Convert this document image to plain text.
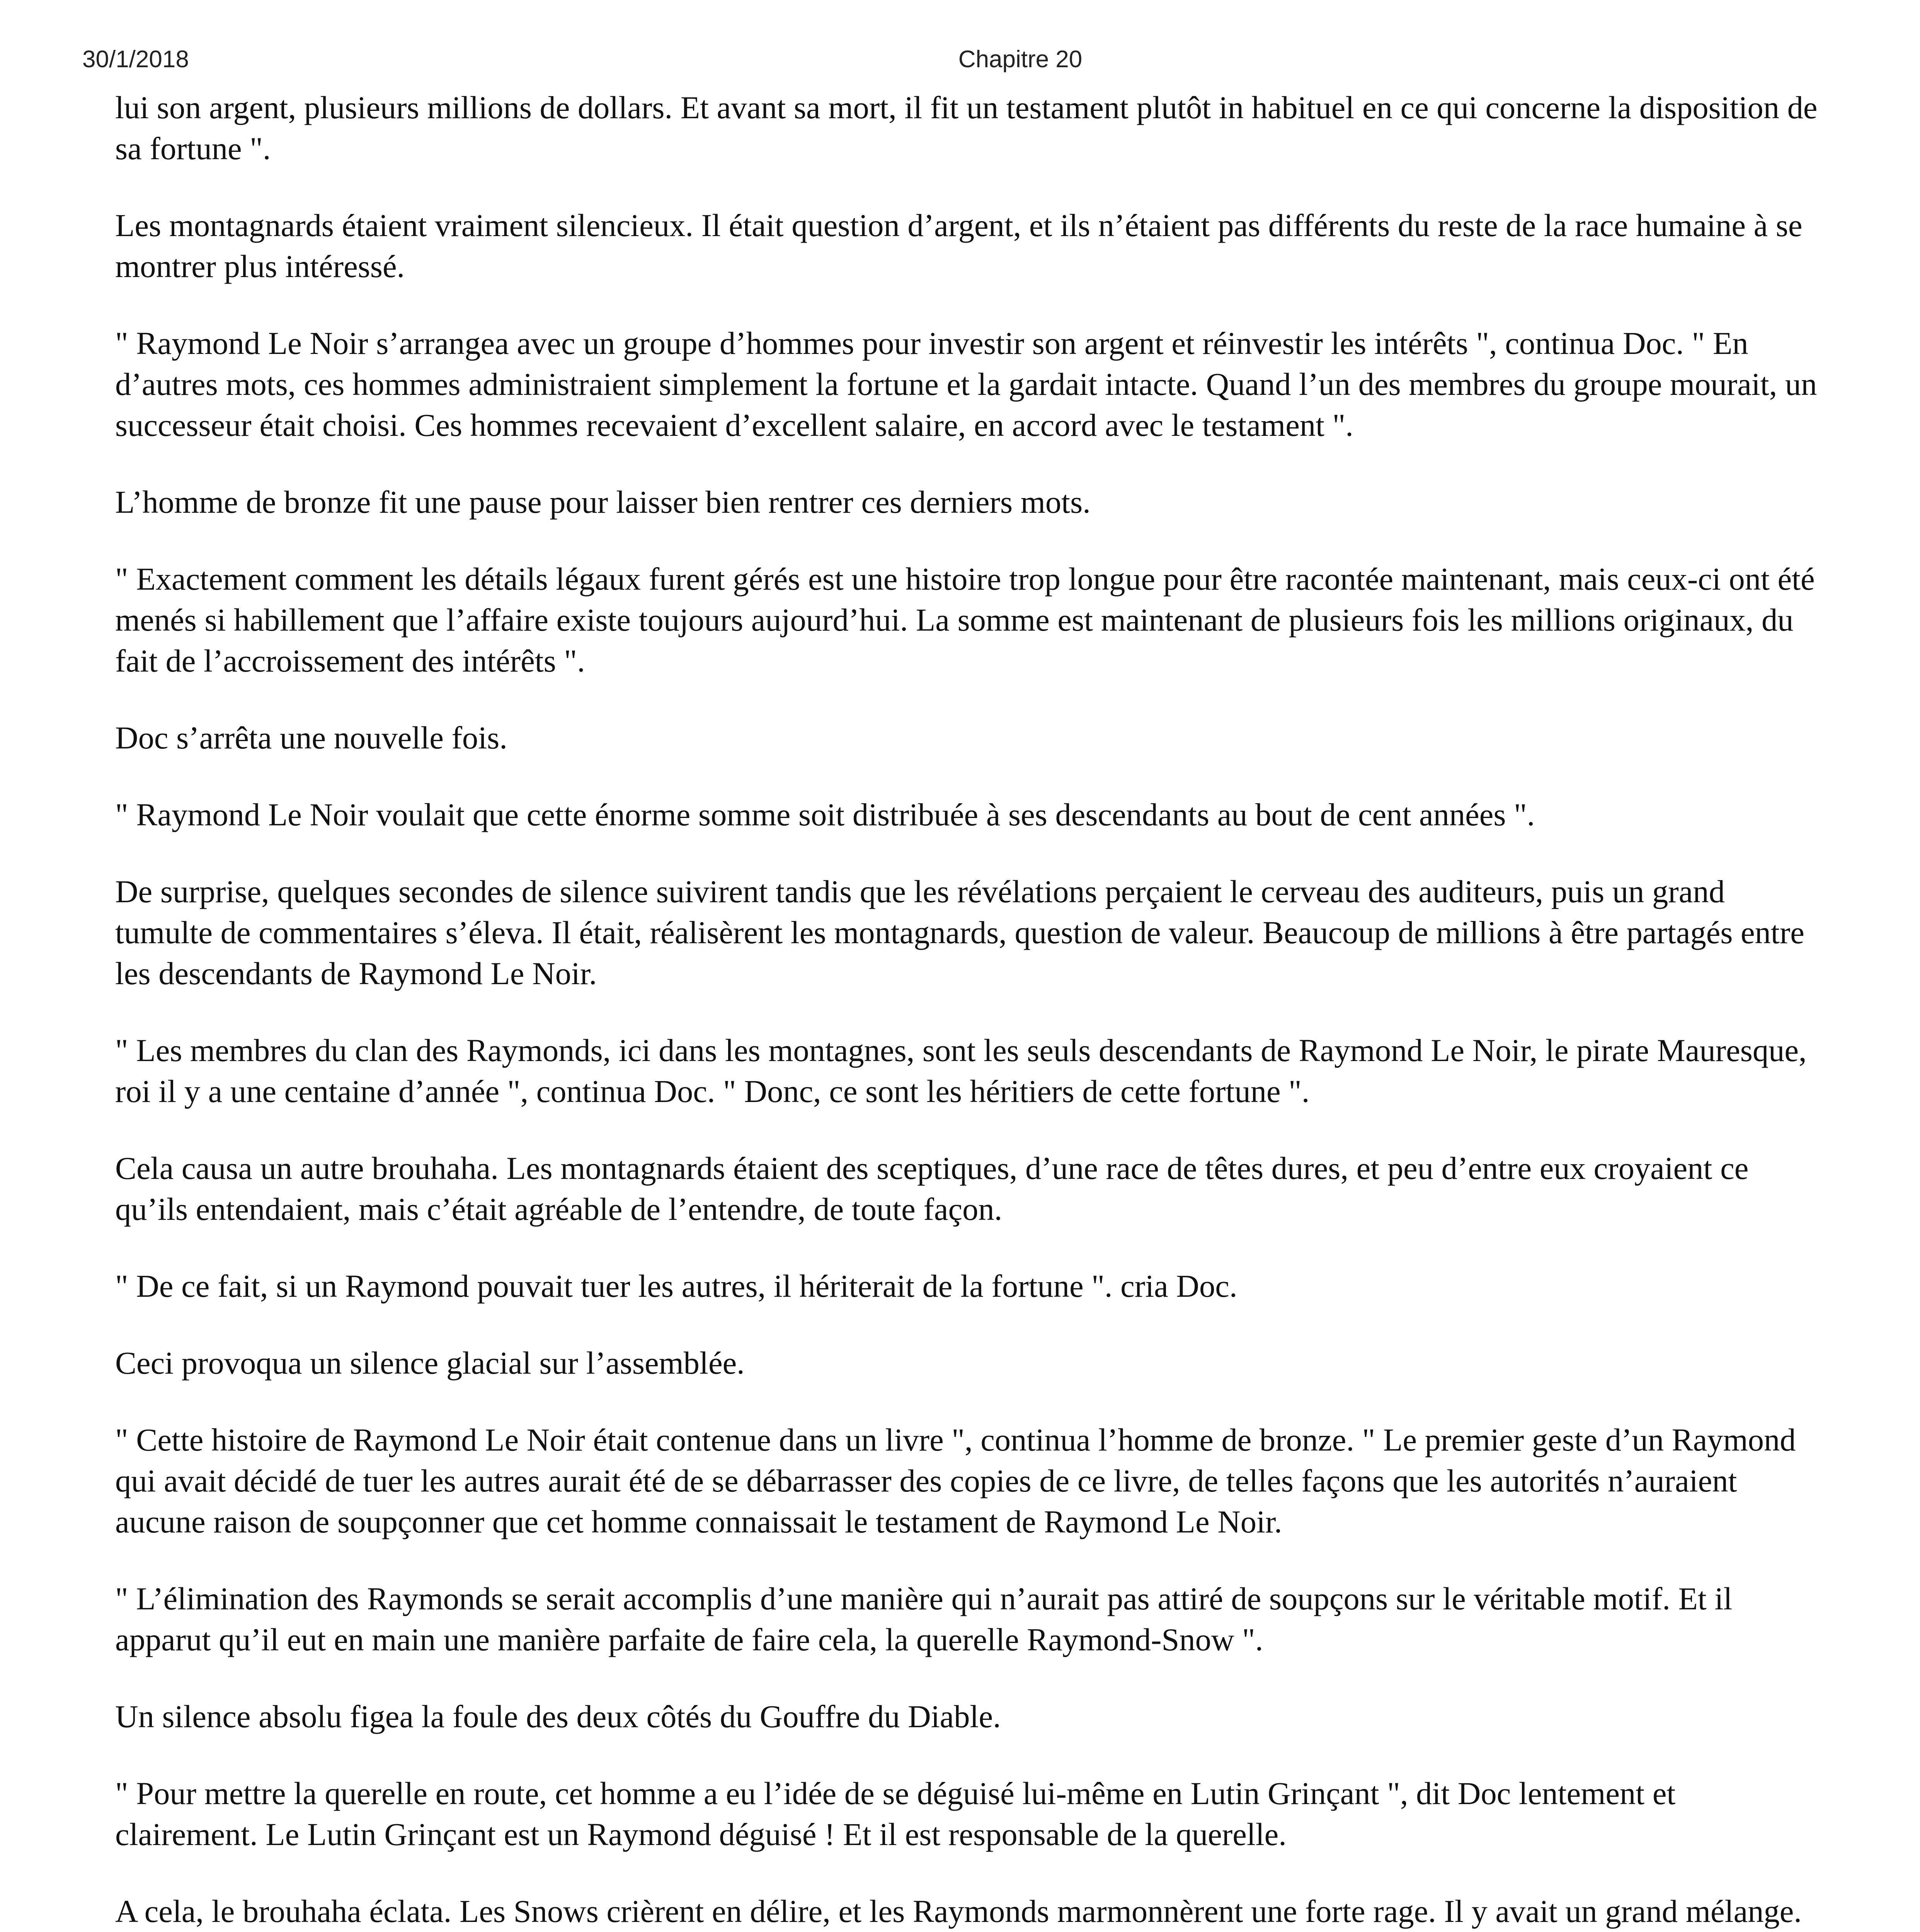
30/1/2018	Chapitre 20

lui son argent, plusieurs millions de dollars. Et avant sa mort, il fit un testament plutôt in habituel en ce qui concerne la disposition de sa fortune ".

Les montagnards étaient vraiment silencieux. Il était question d’argent, et ils n’étaient pas différents du reste de la race humaine à se montrer plus intéressé.

" Raymond Le Noir s’arrangea avec un groupe d’hommes pour investir son argent et réinvestir les intérêts ", continua Doc. " En d’autres mots, ces hommes administraient simplement la fortune et la gardait intacte. Quand l’un des membres du groupe mourait, un successeur était choisi. Ces hommes recevaient d’excellent salaire, en accord avec le testament ".

L’homme de bronze fit une pause pour laisser bien rentrer ces derniers mots.

" Exactement comment les détails légaux furent gérés est une histoire trop longue pour être racontée maintenant, mais ceux-ci ont été menés si habillement que l’affaire existe toujours aujourd’hui. La somme est maintenant de plusieurs fois les millions originaux, du fait de l’accroissement des intérêts ".

Doc s’arrêta une nouvelle fois.

" Raymond Le Noir voulait que cette énorme somme soit distribuée à ses descendants au bout de cent années ".

De surprise, quelques secondes de silence suivirent tandis que les révélations perçaient le cerveau des auditeurs, puis un grand tumulte de commentaires s’éleva. Il était, réalisèrent les montagnards, question de valeur. Beaucoup de millions à être partagés entre les descendants de Raymond Le Noir.

" Les membres du clan des Raymonds, ici dans les montagnes, sont les seuls descendants de Raymond Le Noir, le pirate Mauresque, roi il y a une centaine d’année ", continua Doc. " Donc, ce sont les héritiers de cette fortune ".

Cela causa un autre brouhaha. Les montagnards étaient des sceptiques, d’une race de têtes dures, et peu d’entre eux croyaient ce qu’ils entendaient, mais c’était agréable de l’entendre, de toute façon.

" De ce fait, si un Raymond pouvait tuer les autres, il hériterait de la fortune ". cria Doc.

Ceci provoqua un silence glacial sur l’assemblée.

" Cette histoire de Raymond Le Noir était contenue dans un livre ", continua l’homme de bronze. " Le premier geste d’un Raymond qui avait décidé de tuer les autres aurait été de se débarrasser des copies de ce livre, de telles façons que les autorités n’auraient aucune raison de soupçonner que cet homme connaissait le testament de Raymond Le Noir.

" L’élimination des Raymonds se serait accomplis d’une manière qui n’aurait pas attiré de soupçons sur le véritable motif. Et il apparut qu’il eut en main une manière parfaite de faire cela, la querelle Raymond-Snow ".

Un silence absolu figea la foule des deux côtés du Gouffre du Diable.

" Pour mettre la querelle en route, cet homme a eu l’idée de se déguisé lui-même en Lutin Grinçant ", dit Doc lentement et clairement. Le Lutin Grinçant est un Raymond déguisé ! Et il est responsable de la querelle.

A cela, le brouhaha éclata. Les Snows crièrent en délire, et les Raymonds marmonnèrent une forte rage. Il y avait un grand mélange.
